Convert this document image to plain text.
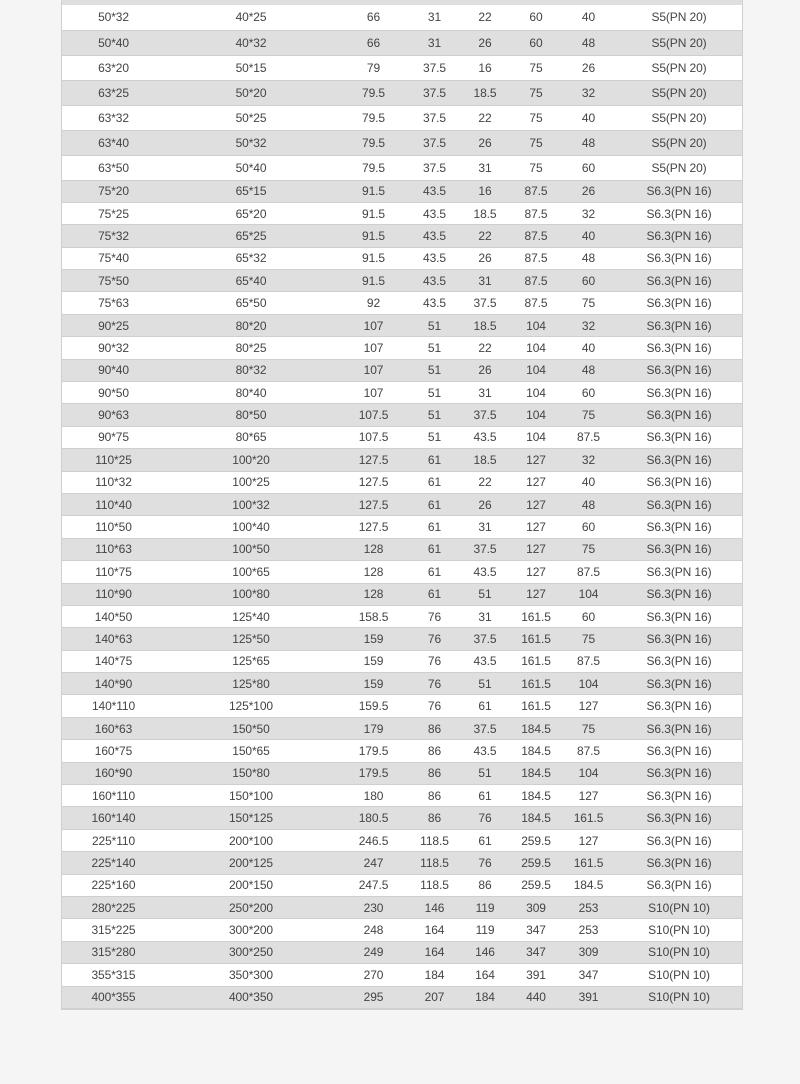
50*32	40*25	66	31	22	60	40	S5(PN 20)
50*40	40*32	66	31	26	60	48	S5(PN 20)
63*20	50*15	79	37.5	16	75	26	S5(PN 20)
63*25	50*20	79.5	37.5	18.5	75	32	S5(PN 20)
63*32	50*25	79.5	37.5	22	75	40	S5(PN 20)
63*40	50*32	79.5	37.5	26	75	48	S5(PN 20)
63*50	50*40	79.5	37.5	31	75	60	S5(PN 20)
75*20	65*15	91.5	43.5	16	87.5	26	S6.3(PN 16)
75*25	65*20	91.5	43.5	18.5	87.5	32	S6.3(PN 16)
75*32	65*25	91.5	43.5	22	87.5	40	S6.3(PN 16)
75*40	65*32	91.5	43.5	26	87.5	48	S6.3(PN 16)
75*50	65*40	91.5	43.5	31	87.5	60	S6.3(PN 16)
75*63	65*50	92	43.5	37.5	87.5	75	S6.3(PN 16)
90*25	80*20	107	51	18.5	104	32	S6.3(PN 16)
90*32	80*25	107	51	22	104	40	S6.3(PN 16)
90*40	80*32	107	51	26	104	48	S6.3(PN 16)
90*50	80*40	107	51	31	104	60	S6.3(PN 16)
90*63	80*50	107.5	51	37.5	104	75	S6.3(PN 16)
90*75	80*65	107.5	51	43.5	104	87.5	S6.3(PN 16)
110*25	100*20	127.5	61	18.5	127	32	S6.3(PN 16)
110*32	100*25	127.5	61	22	127	40	S6.3(PN 16)
110*40	100*32	127.5	61	26	127	48	S6.3(PN 16)
110*50	100*40	127.5	61	31	127	60	S6.3(PN 16)
110*63	100*50	128	61	37.5	127	75	S6.3(PN 16)
110*75	100*65	128	61	43.5	127	87.5	S6.3(PN 16)
110*90	100*80	128	61	51	127	104	S6.3(PN 16)
140*50	125*40	158.5	76	31	161.5	60	S6.3(PN 16)
140*63	125*50	159	76	37.5	161.5	75	S6.3(PN 16)
140*75	125*65	159	76	43.5	161.5	87.5	S6.3(PN 16)
140*90	125*80	159	76	51	161.5	104	S6.3(PN 16)
140*110	125*100	159.5	76	61	161.5	127	S6.3(PN 16)
160*63	150*50	179	86	37.5	184.5	75	S6.3(PN 16)
160*75	150*65	179.5	86	43.5	184.5	87.5	S6.3(PN 16)
160*90	150*80	179.5	86	51	184.5	104	S6.3(PN 16)
160*110	150*100	180	86	61	184.5	127	S6.3(PN 16)
160*140	150*125	180.5	86	76	184.5	161.5	S6.3(PN 16)
225*110	200*100	246.5	118.5	61	259.5	127	S6.3(PN 16)
225*140	200*125	247	118.5	76	259.5	161.5	S6.3(PN 16)
225*160	200*150	247.5	118.5	86	259.5	184.5	S6.3(PN 16)
280*225	250*200	230	146	119	309	253	S10(PN 10)
315*225	300*200	248	164	119	347	253	S10(PN 10)
315*280	300*250	249	164	146	347	309	S10(PN 10)
355*315	350*300	270	184	164	391	347	S10(PN 10)
400*355	400*350	295	207	184	440	391	S10(PN 10)
